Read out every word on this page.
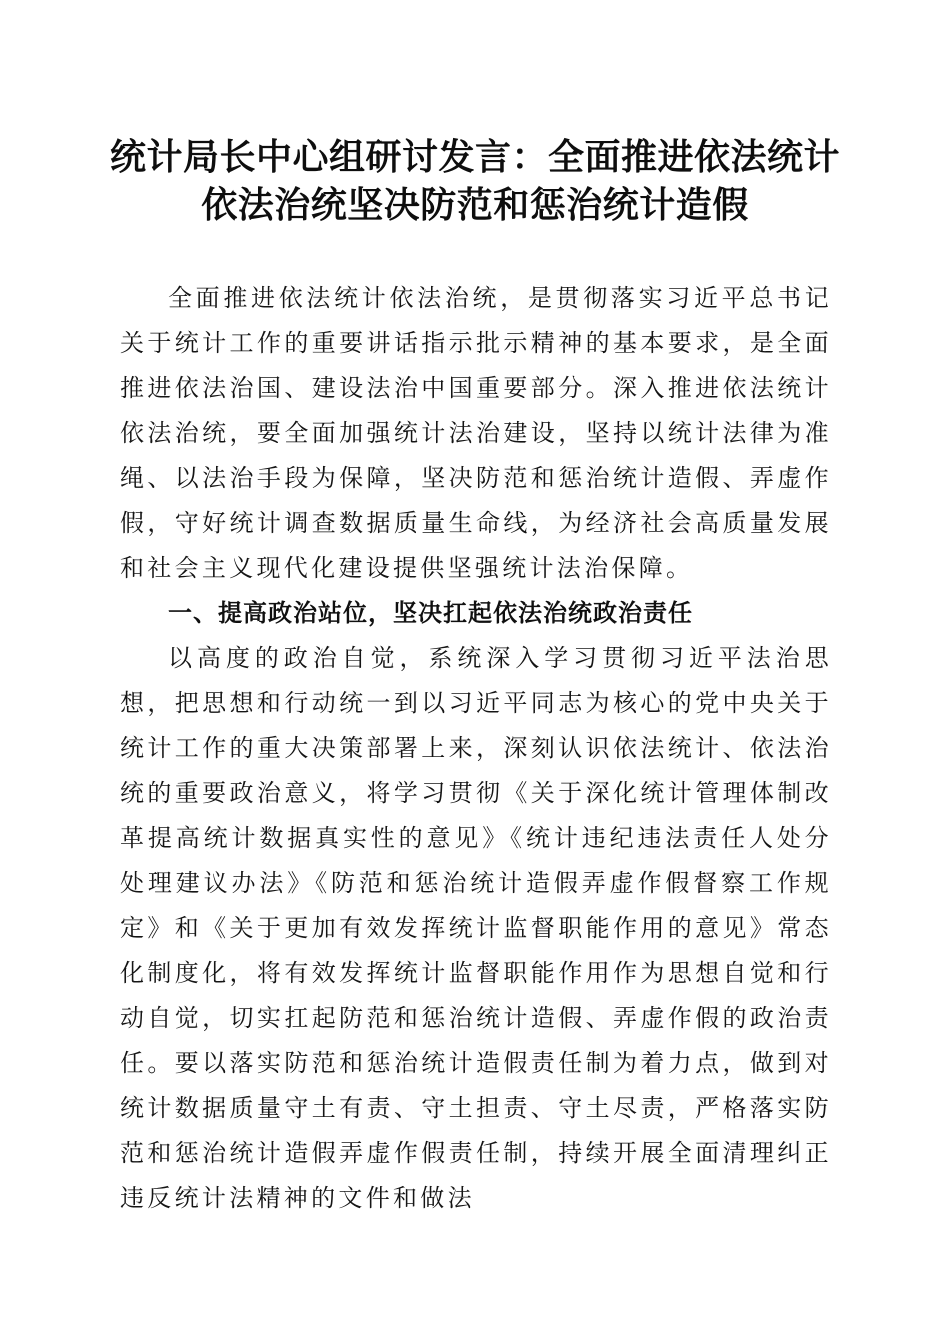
统计局长中心组研讨发言：全面推进依法统计
依法治统坚决防范和惩治统计造假

全面推进依法统计依法治统，是贯彻落实习近平总书记关于统计工作的重要讲话指示批示精神的基本要求，是全面推进依法治国、建设法治中国重要部分。深入推进依法统计依法治统，要全面加强统计法治建设，坚持以统计法律为准绳、以法治手段为保障，坚决防范和惩治统计造假、弄虚作假，守好统计调查数据质量生命线，为经济社会高质量发展和社会主义现代化建设提供坚强统计法治保障。

一、提高政治站位，坚决扛起依法治统政治责任

以高度的政治自觉，系统深入学习贯彻习近平法治思想，把思想和行动统一到以习近平同志为核心的党中央关于统计工作的重大决策部署上来，深刻认识依法统计、依法治统的重要政治意义，将学习贯彻《关于深化统计管理体制改革提高统计数据真实性的意见》《统计违纪违法责任人处分处理建议办法》《防范和惩治统计造假弄虚作假督察工作规定》和《关于更加有效发挥统计监督职能作用的意见》常态化制度化，将有效发挥统计监督职能作用作为思想自觉和行动自觉，切实扛起防范和惩治统计造假、弄虚作假的政治责任。要以落实防范和惩治统计造假责任制为着力点，做到对统计数据质量守土有责、守土担责、守土尽责，严格落实防范和惩治统计造假弄虚作假责任制，持续开展全面清理纠正违反统计法精神的文件和做法
